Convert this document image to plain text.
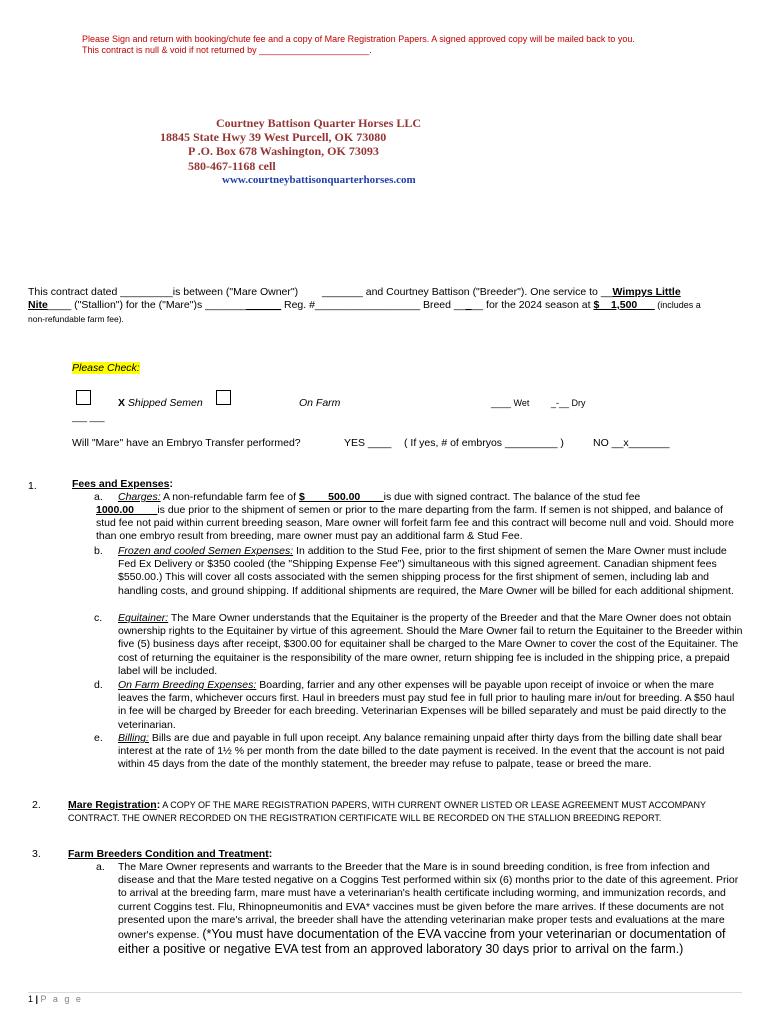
Please Sign and return with booking/chute fee and a copy of Mare Registration Papers. A signed approved copy will be mailed back to you.
This contract is null & void if not returned by ______________________.
Courtney Battison Quarter Horses LLC
18845 State Hwy 39 West Purcell, OK 73080
P .O. Box 678 Washington, OK 73093
580-467-1168 cell
www.courtneybattisonquarterhorses.com
This contract dated _________is between ("Mare Owner") _______ and Courtney Battison ("Breeder"). One service to __Wimpys Little
Nite____ ("Stallion") for the ("Mare")s _____________ Reg. #__________________ Breed _____ for the 2024 season at $__1,500___ (includes a
non-refundable farm fee).
Please Check:
X Shipped Semen	On Farm	____ Wet _-__ Dry
___ ___
Will "Mare" have an Embryo Transfer performed?	YES ____ ( If yes, # of embryos _________ )	NO __x_______
1.	Fees and Expenses:
a. Charges: A non-refundable farm fee of $____500.00____is due with signed contract. The balance of the stud fee
1000.00____is due prior to the shipment of semen or prior to the mare departing from the farm. If semen is not shipped, and balance of stud fee not paid within current breeding season, Mare owner will forfeit farm fee and this contract will become null and void. Should more than one embryo result from breeding, mare owner must pay an additional farm & Stud Fee.
b. Frozen and cooled Semen Expenses: In addition to the Stud Fee, prior to the first shipment of semen the Mare Owner must include Fed Ex Delivery or $350 cooled (the "Shipping Expense Fee") simultaneous with this signed agreement. Canadian shipment fees $550.00.) This will cover all costs associated with the semen shipping process for the first shipment of semen, including lab and handling costs, and ground shipping. If additional shipments are required, the Mare Owner will be billed for each additional shipment.
c. Equitainer: The Mare Owner understands that the Equitainer is the property of the Breeder and that the Mare Owner does not obtain ownership rights to the Equitainer by virtue of this agreement. Should the Mare Owner fail to return the Equitainer to the Breeder within five (5) business days after receipt, $300.00 for equitainer shall be charged to the Mare Owner to cover the cost of the Equitainer. The cost of returning the equitainer is the responsibility of the mare owner, return shipping fee is included in the shipping price, a prepaid label will be included.
d. On Farm Breeding Expenses: Boarding, farrier and any other expenses will be payable upon receipt of invoice or when the mare leaves the farm, whichever occurs first. Haul in breeders must pay stud fee in full prior to hauling mare in/out for breeding. A $50 haul in fee will be charged by Breeder for each breeding. Veterinarian Expenses will be billed separately and must be paid directly to the veterinarian.
e. Billing: Bills are due and payable in full upon receipt. Any balance remaining unpaid after thirty days from the billing date shall bear interest at the rate of 1½ % per month from the date billed to the date payment is received. In the event that the account is not paid within 45 days from the date of the monthly statement, the breeder may refuse to palpate, tease or breed the mare.
2.	Mare Registration: A COPY OF THE MARE REGISTRATION PAPERS, WITH CURRENT OWNER LISTED OR LEASE AGREEMENT MUST ACCOMPANY CONTRACT. THE OWNER RECORDED ON THE REGISTRATION CERTIFICATE WILL BE RECORDED ON THE STALLION BREEDING REPORT.
3.	Farm Breeders Condition and Treatment:
a. The Mare Owner represents and warrants to the Breeder that the Mare is in sound breeding condition, is free from infection and disease and that the Mare tested negative on a Coggins Test performed within six (6) months prior to the date of this agreement. Prior to arrival at the breeding farm, mare must have a veterinarian's health certificate including worming, and immunization records, and current Coggins test. Flu, Rhinopneumonitis and EVA* vaccines must be given before the mare arrives. If these documents are not presented upon the mare's arrival, the breeder shall have the attending veterinarian make proper tests and evaluations at the mare owner's expense. (*You must have documentation of the EVA vaccine from your veterinarian or documentation of either a positive or negative EVA test from an approved laboratory 30 days prior to arrival on the farm.)
1 | P a g e
